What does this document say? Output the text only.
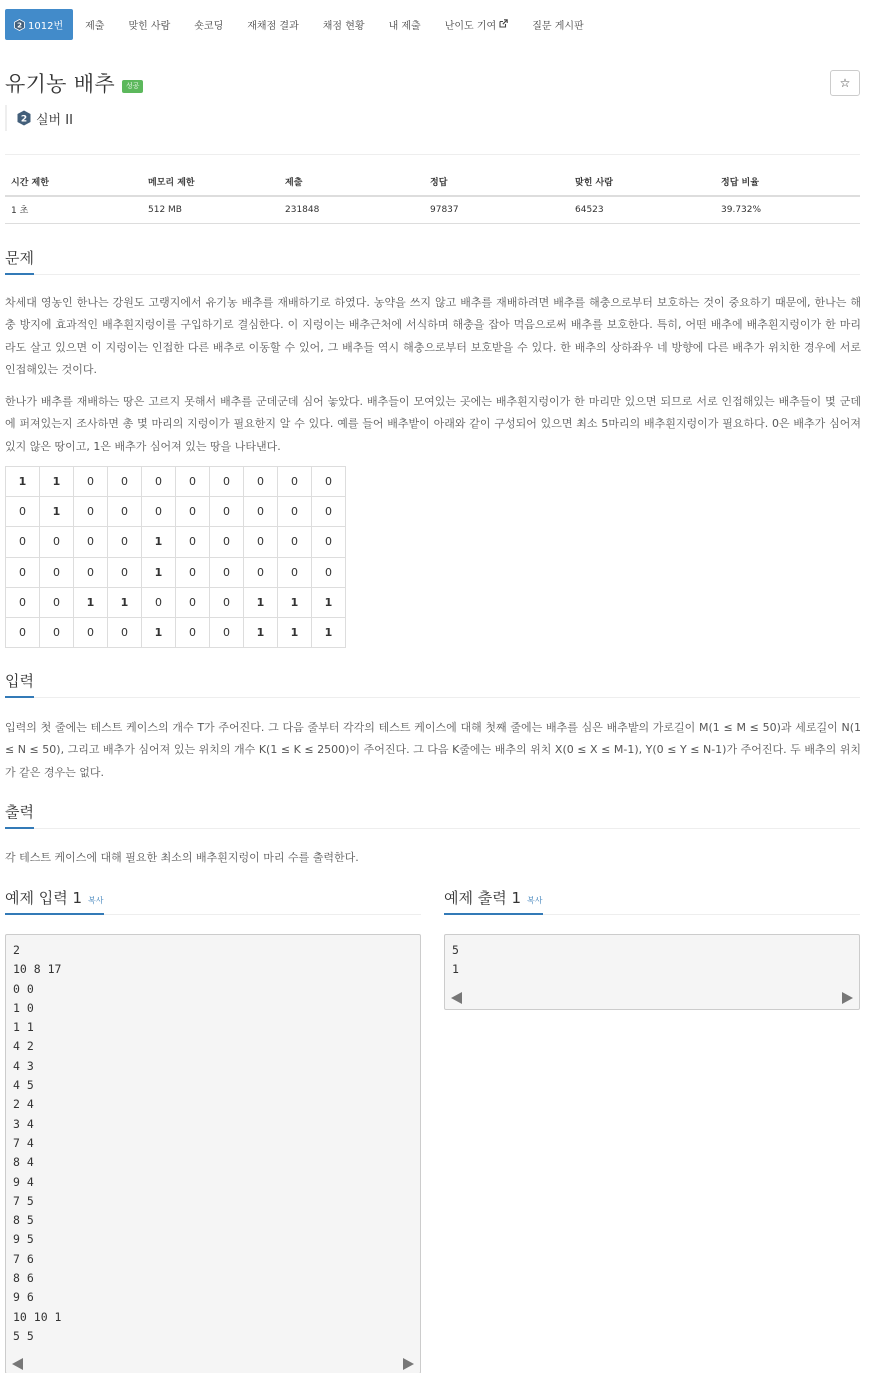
2 1012번	제출	맞힌 사람	숏코딩	재채점 결과	채점 현황	내 제출	난이도 기여	질문 게시판
유기농 배추	성공	☆
2 실버 II
시간 제한	메모리 제한	제출	정답	맞힌 사람	정답 비율
1 초	512 MB	231848	97837	64523	39.732%
문제
차세대 영농인 한나는 강원도 고랭지에서 유기농 배추를 재배하기로 하였다. 농약을 쓰지 않고 배추를 재배하려면 배추를 해충으로부터 보호하는 것이 중요하기 때문에, 한나는 해충 방지에 효과적인 배추흰지렁이를 구입하기로 결심한다. 이 지렁이는 배추근처에 서식하며 해충을 잡아 먹음으로써 배추를 보호한다. 특히, 어떤 배추에 배추흰지렁이가 한 마리라도 살고 있으면 이 지렁이는 인접한 다른 배추로 이동할 수 있어, 그 배추들 역시 해충으로부터 보호받을 수 있다. 한 배추의 상하좌우 네 방향에 다른 배추가 위치한 경우에 서로 인접해있는 것이다.
한나가 배추를 재배하는 땅은 고르지 못해서 배추를 군데군데 심어 놓았다. 배추들이 모여있는 곳에는 배추흰지렁이가 한 마리만 있으면 되므로 서로 인접해있는 배추들이 몇 군데에 퍼져있는지 조사하면 총 몇 마리의 지렁이가 필요한지 알 수 있다. 예를 들어 배추밭이 아래와 같이 구성되어 있으면 최소 5마리의 배추흰지렁이가 필요하다. 0은 배추가 심어져 있지 않은 땅이고, 1은 배추가 심어져 있는 땅을 나타낸다.
1	1	0	0	0	0	0	0	0	0
0	1	0	0	0	0	0	0	0	0
0	0	0	0	1	0	0	0	0	0
0	0	0	0	1	0	0	0	0	0
0	0	1	1	0	0	0	1	1	1
0	0	0	0	1	0	0	1	1	1
입력
입력의 첫 줄에는 테스트 케이스의 개수 T가 주어진다. 그 다음 줄부터 각각의 테스트 케이스에 대해 첫째 줄에는 배추를 심은 배추밭의 가로길이 M(1 ≤ M ≤ 50)과 세로길이 N(1 ≤ N ≤ 50), 그리고 배추가 심어져 있는 위치의 개수 K(1 ≤ K ≤ 2500)이 주어진다. 그 다음 K줄에는 배추의 위치 X(0 ≤ X ≤ M-1), Y(0 ≤ Y ≤ N-1)가 주어진다. 두 배추의 위치가 같은 경우는 없다.
출력
각 테스트 케이스에 대해 필요한 최소의 배추흰지렁이 마리 수를 출력한다.
예제 입력 1 복사
2
10 8 17
0 0
1 0
1 1
4 2
4 3
4 5
2 4
3 4
7 4
8 4
9 4
7 5
8 5
9 5
7 6
8 6
9 6
10 10 1
5 5
예제 출력 1 복사
5
1
